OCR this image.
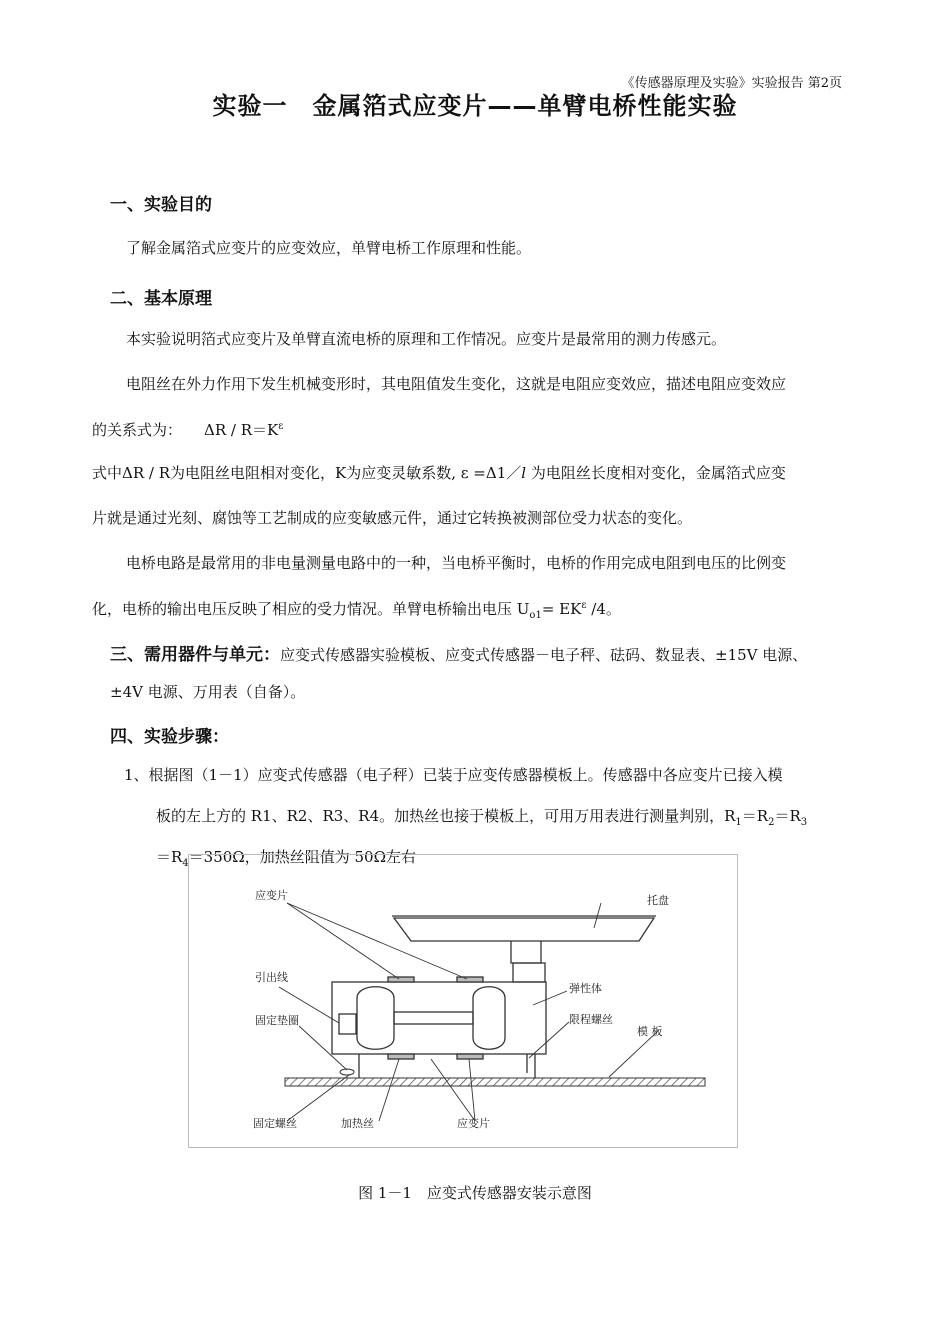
《传感器原理及实验》实验报告 第2页
实验一　金属箔式应变片——单臂电桥性能实验
一、实验目的
了解金属箔式应变片的应变效应，单臂电桥工作原理和性能。
二、基本原理
本实验说明箔式应变片及单臂直流电桥的原理和工作情况。应变片是最常用的测力传感元。
电阻丝在外力作用下发生机械变形时，其电阻值发生变化，这就是电阻应变效应，描述电阻应变效应
的关系式为： $\Delta R / R=K^\varepsilon$
式中ΔR / R为电阻丝电阻相对变化，K为应变灵敏系数, ε =Δ1／l 为电阻丝长度相对变化，金属箔式应变
片就是通过光刻、腐蚀等工艺制成的应变敏感元件，通过它转换被测部位受力状态的变化。
电桥电路是最常用的非电量测量电路中的一种，当电桥平衡时，电桥的作用完成电阻到电压的比例变
化，电桥的输出电压反映了相应的受力情况。单臂电桥输出电压 $U_{o1}= EK^\varepsilon$ /4。
三、需用器件与单元：应变式传感器实验模板、应变式传感器－电子秤、砝码、数显表、±15V 电源、
±4V 电源、万用表（自备）。
四、实验步骤：
1、根据图（1－1）应变式传感器（电子秤）已装于应变传感器模板上。传感器中各应变片已接入模
板的左上方的 R1、R2、R3、R4。加热丝也接于模板上，可用万用表进行测量判别，$R_1=R_2=R_3$
$=R_4=350\Omega$，加热丝阻值为 50Ω左右
应变片	托盘
引出线
弹性体
固定垫圈	限程螺丝
模 板
固定螺丝	加热丝	应变片
图 1－1　应变式传感器安装示意图
